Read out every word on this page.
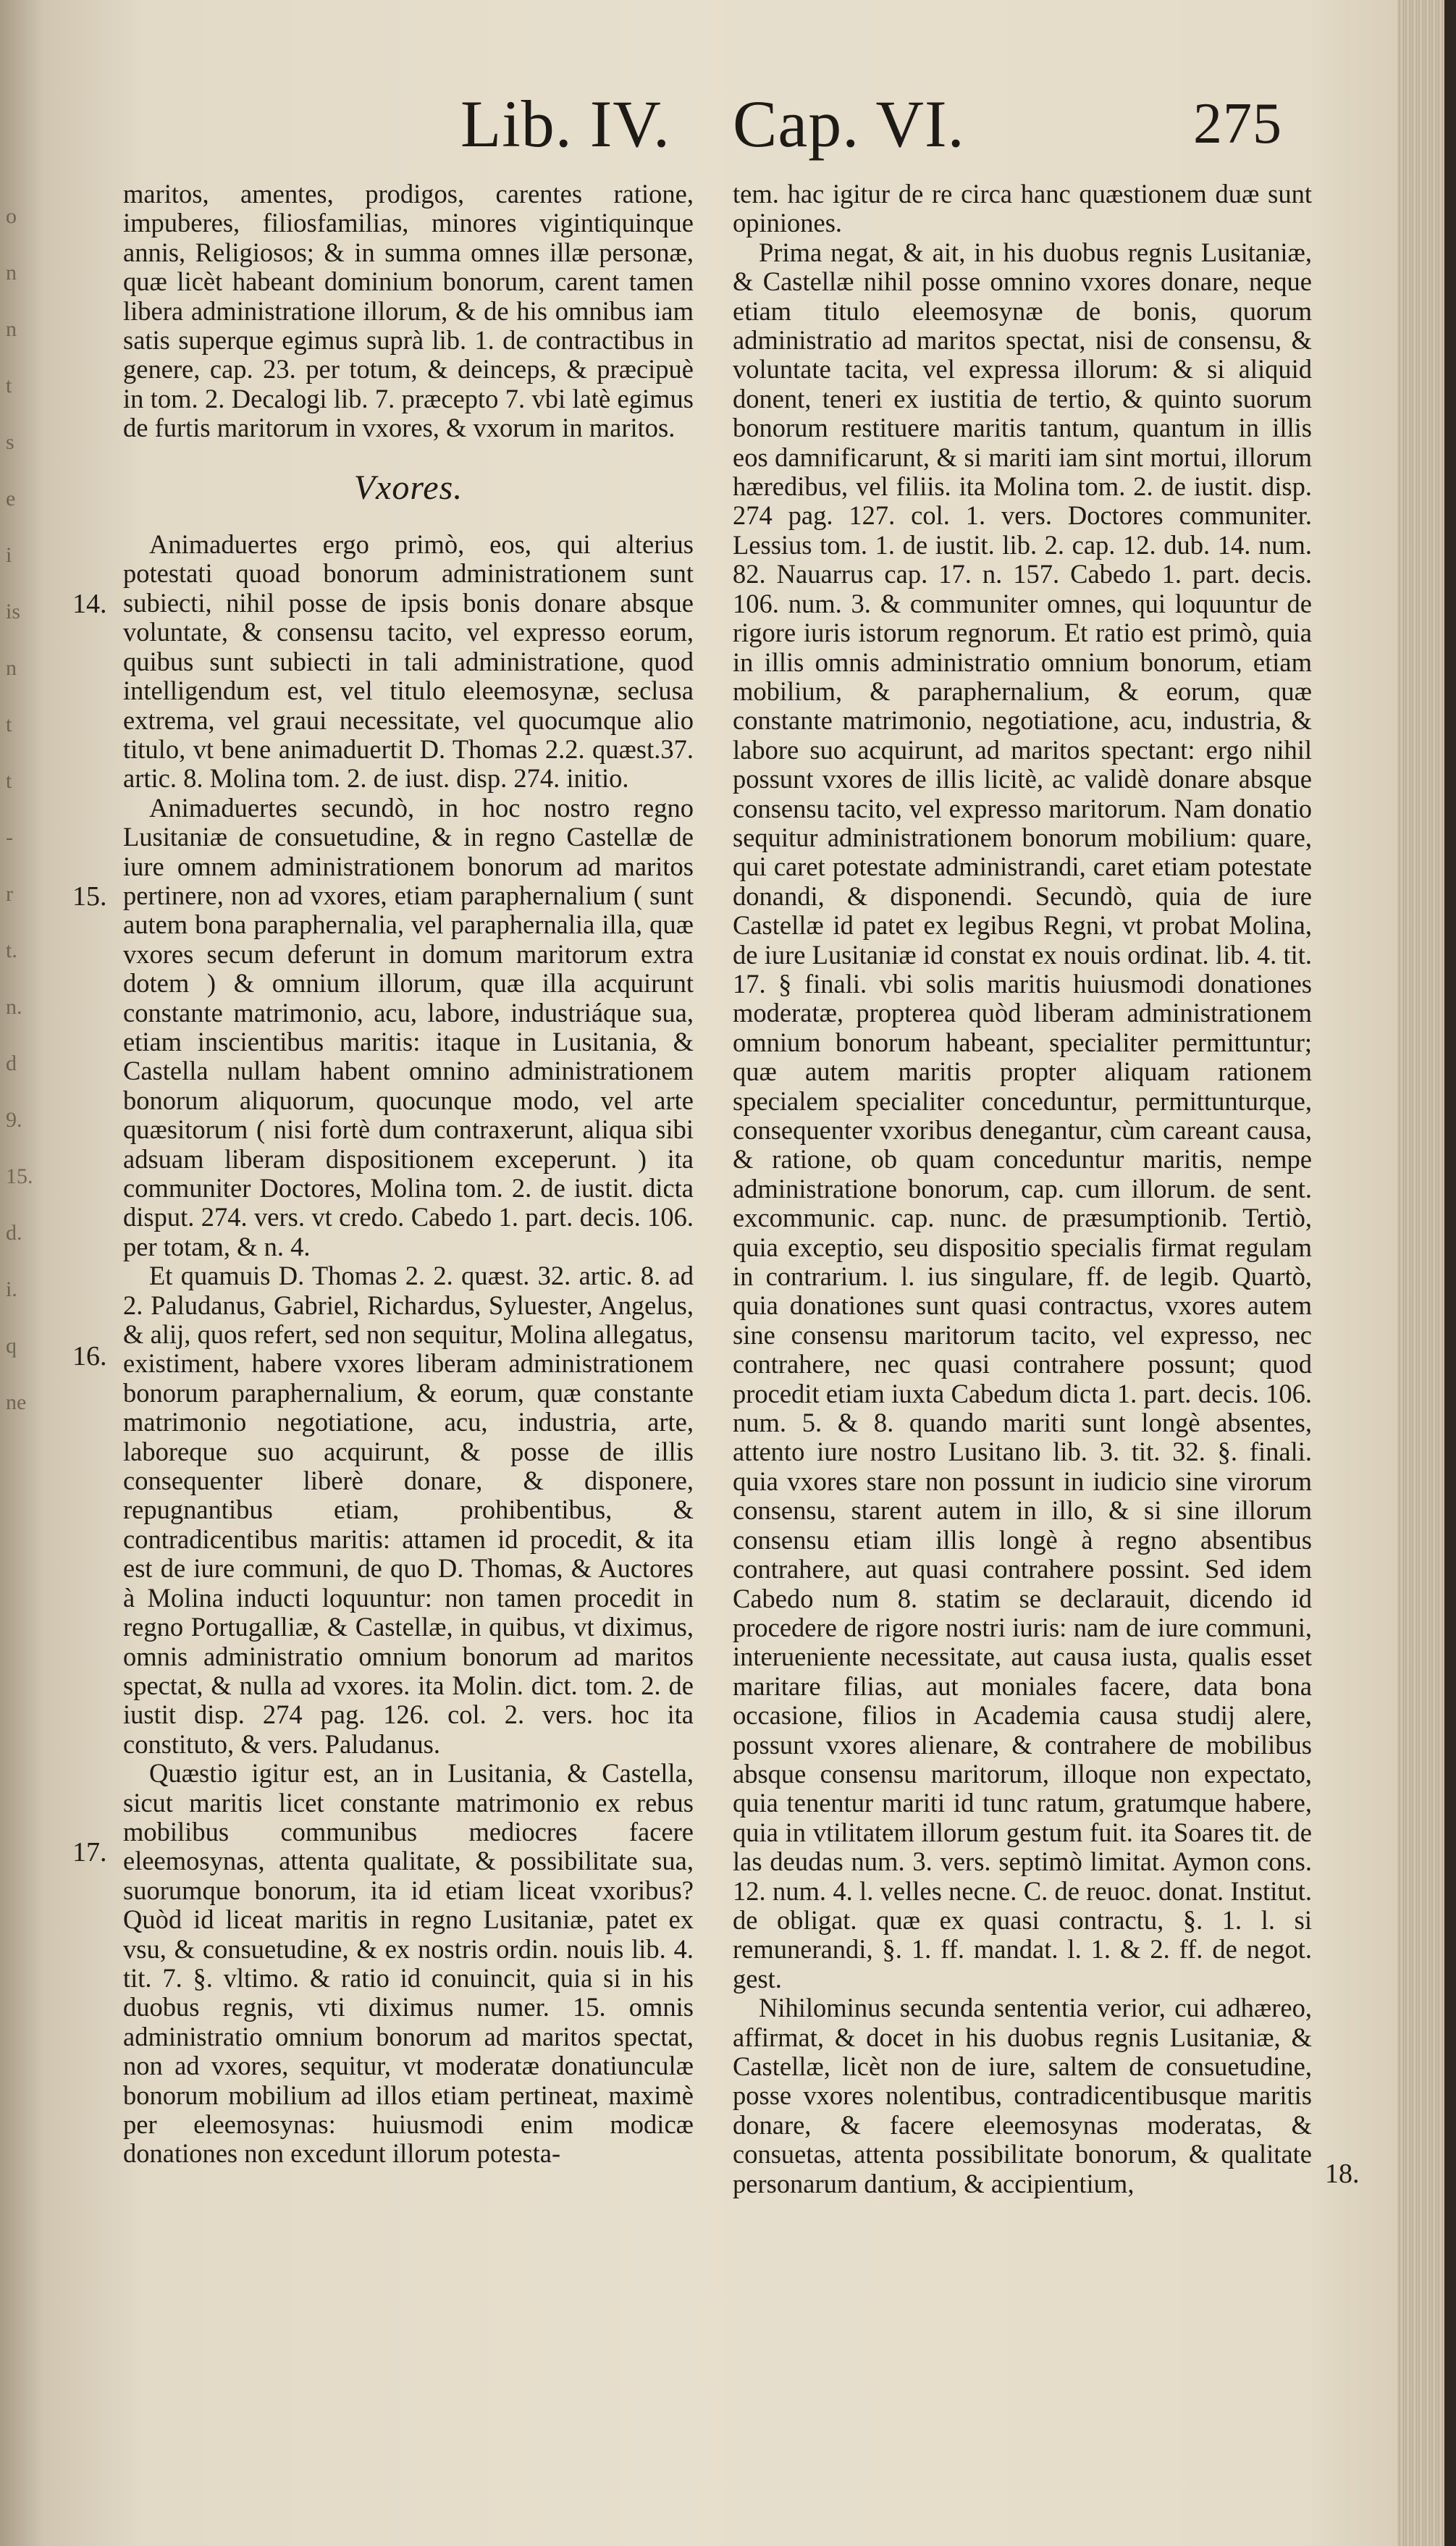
o
n
n
t
s
e
i
is
n
t
t
-
r
t.
n.
d
9.
15.
d.
i.
q
ne
Lib. IV. Cap. VI.	275
14.
15.
16.
17.
18.

maritos, amentes, prodigos, carentes ratione, impuberes, filiosfamilias, minores vigintiquinque annis, Religiosos; & in summa omnes illæ personæ, quæ licèt habeant dominium bonorum, carent tamen libera administratione illorum, & de his omnibus iam satis superque egimus suprà lib. 1. de contractibus in genere, cap. 23. per totum, & deinceps, & præcipuè in tom. 2. Decalogi lib. 7. præcepto 7. vbi latè egimus de furtis maritorum in vxores, & vxorum in maritos.

Vxores.

Animaduertes ergo primò, eos, qui alterius potestati quoad bonorum administrationem sunt subiecti, nihil posse de ipsis bonis donare absque voluntate, & consensu tacito, vel expresso eorum, quibus sunt subiecti in tali administratione, quod intelligendum est, vel titulo eleemosynæ, seclusa extrema, vel graui necessitate, vel quocumque alio titulo, vt bene animaduertit D. Thomas 2.2. quæst.37. artic. 8. Molina tom. 2. de iust. disp. 274. initio.

Animaduertes secundò, in hoc nostro regno Lusitaniæ de consuetudine, & in regno Castellæ de iure omnem administrationem bonorum ad maritos pertinere, non ad vxores, etiam paraphernalium ( sunt autem bona paraphernalia, vel paraphernalia illa, quæ vxores secum deferunt in domum maritorum extra dotem ) & omnium illorum, quæ illa acquirunt constante matrimonio, acu, labore, industriáque sua, etiam inscientibus maritis: itaque in Lusitania, & Castella nullam habent omnino administrationem bonorum aliquorum, quocunque modo, vel arte quæsitorum ( nisi fortè dum contraxerunt, aliqua sibi adsuam liberam dispositionem exceperunt. ) ita communiter Doctores, Molina tom. 2. de iustit. dicta disput. 274. vers. vt credo. Cabedo 1. part. decis. 106. per totam, & n. 4.

Et quamuis D. Thomas 2. 2. quæst. 32. artic. 8. ad 2. Paludanus, Gabriel, Richardus, Syluester, Angelus, & alij, quos refert, sed non sequitur, Molina allegatus, existiment, habere vxores liberam administrationem bonorum paraphernalium, & eorum, quæ constante matrimonio negotiatione, acu, industria, arte, laboreque suo acquirunt, & posse de illis consequenter liberè donare, & disponere, repugnantibus etiam, prohibentibus, & contradicentibus maritis: attamen id procedit, & ita est de iure communi, de quo D. Thomas, & Auctores à Molina inducti loquuntur: non tamen procedit in regno Portugalliæ, & Castellæ, in quibus, vt diximus, omnis administratio omnium bonorum ad maritos spectat, & nulla ad vxores. ita Molin. dict. tom. 2. de iustit disp. 274 pag. 126. col. 2. vers. hoc ita constituto, & vers. Paludanus.

Quæstio igitur est, an in Lusitania, & Castella, sicut maritis licet constante matrimonio ex rebus mobilibus communibus mediocres facere eleemosynas, attenta qualitate, & possibilitate sua, suorumque bonorum, ita id etiam liceat vxoribus? Quòd id liceat maritis in regno Lusitaniæ, patet ex vsu, & consuetudine, & ex nostris ordin. nouis lib. 4. tit. 7. §. vltimo. & ratio id conuincit, quia si in his duobus regnis, vti diximus numer. 15. omnis administratio omnium bonorum ad maritos spectat, non ad vxores, sequitur, vt moderatæ donatiunculæ bonorum mobilium ad illos etiam pertineat, maximè per eleemosynas: huiusmodi enim modicæ donationes non excedunt illorum potesta-

tem. hac igitur de re circa hanc quæstionem duæ sunt opiniones.

Prima negat, & ait, in his duobus regnis Lusitaniæ, & Castellæ nihil posse omnino vxores donare, neque etiam titulo eleemosynæ de bonis, quorum administratio ad maritos spectat, nisi de consensu, & voluntate tacita, vel expressa illorum: & si aliquid donent, teneri ex iustitia de tertio, & quinto suorum bonorum restituere maritis tantum, quantum in illis eos damnificarunt, & si mariti iam sint mortui, illorum hæredibus, vel filiis. ita Molina tom. 2. de iustit. disp. 274 pag. 127. col. 1. vers. Doctores communiter. Lessius tom. 1. de iustit. lib. 2. cap. 12. dub. 14. num. 82. Nauarrus cap. 17. n. 157. Cabedo 1. part. decis. 106. num. 3. & communiter omnes, qui loquuntur de rigore iuris istorum regnorum. Et ratio est primò, quia in illis omnis administratio omnium bonorum, etiam mobilium, & paraphernalium, & eorum, quæ constante matrimonio, negotiatione, acu, industria, & labore suo acquirunt, ad maritos spectant: ergo nihil possunt vxores de illis licitè, ac validè donare absque consensu tacito, vel expresso maritorum. Nam donatio sequitur administrationem bonorum mobilium: quare, qui caret potestate administrandi, caret etiam potestate donandi, & disponendi. Secundò, quia de iure Castellæ id patet ex legibus Regni, vt probat Molina, de iure Lusitaniæ id constat ex nouis ordinat. lib. 4. tit. 17. § finali. vbi solis maritis huiusmodi donationes moderatæ, propterea quòd liberam administrationem omnium bonorum habeant, specialiter permittuntur; quæ autem maritis propter aliquam rationem specialem specialiter conceduntur, permittunturque, consequenter vxoribus denegantur, cùm careant causa, & ratione, ob quam conceduntur maritis, nempe administratione bonorum, cap. cum illorum. de sent. excommunic. cap. nunc. de præsumptionib. Tertiò, quia exceptio, seu dispositio specialis firmat regulam in contrarium. l. ius singulare, ff. de legib. Quartò, quia donationes sunt quasi contractus, vxores autem sine consensu maritorum tacito, vel expresso, nec contrahere, nec quasi contrahere possunt; quod procedit etiam iuxta Cabedum dicta 1. part. decis. 106. num. 5. & 8. quando mariti sunt longè absentes, attento iure nostro Lusitano lib. 3. tit. 32. §. finali. quia vxores stare non possunt in iudicio sine virorum consensu, starent autem in illo, & si sine illorum consensu etiam illis longè à regno absentibus contrahere, aut quasi contrahere possint. Sed idem Cabedo num 8. statim se declarauit, dicendo id procedere de rigore nostri iuris: nam de iure communi, interueniente necessitate, aut causa iusta, qualis esset maritare filias, aut moniales facere, data bona occasione, filios in Academia causa studij alere, possunt vxores alienare, & contrahere de mobilibus absque consensu maritorum, illoque non expectato, quia tenentur mariti id tunc ratum, gratumque habere, quia in vtilitatem illorum gestum fuit. ita Soares tit. de las deudas num. 3. vers. septimò limitat. Aymon cons. 12. num. 4. l. velles necne. C. de reuoc. donat. Institut. de obligat. quæ ex quasi contractu, §. 1. l. si remunerandi, §. 1. ff. mandat. l. 1. & 2. ff. de negot. gest.

Nihilominus secunda sententia verior, cui adhæreo, affirmat, & docet in his duobus regnis Lusitaniæ, & Castellæ, licèt non de iure, saltem de consuetudine, posse vxores nolentibus, contradicentibusque maritis donare, & facere eleemosynas moderatas, & consuetas, attenta possibilitate bonorum, & qualitate personarum dantium, & accipientium,
